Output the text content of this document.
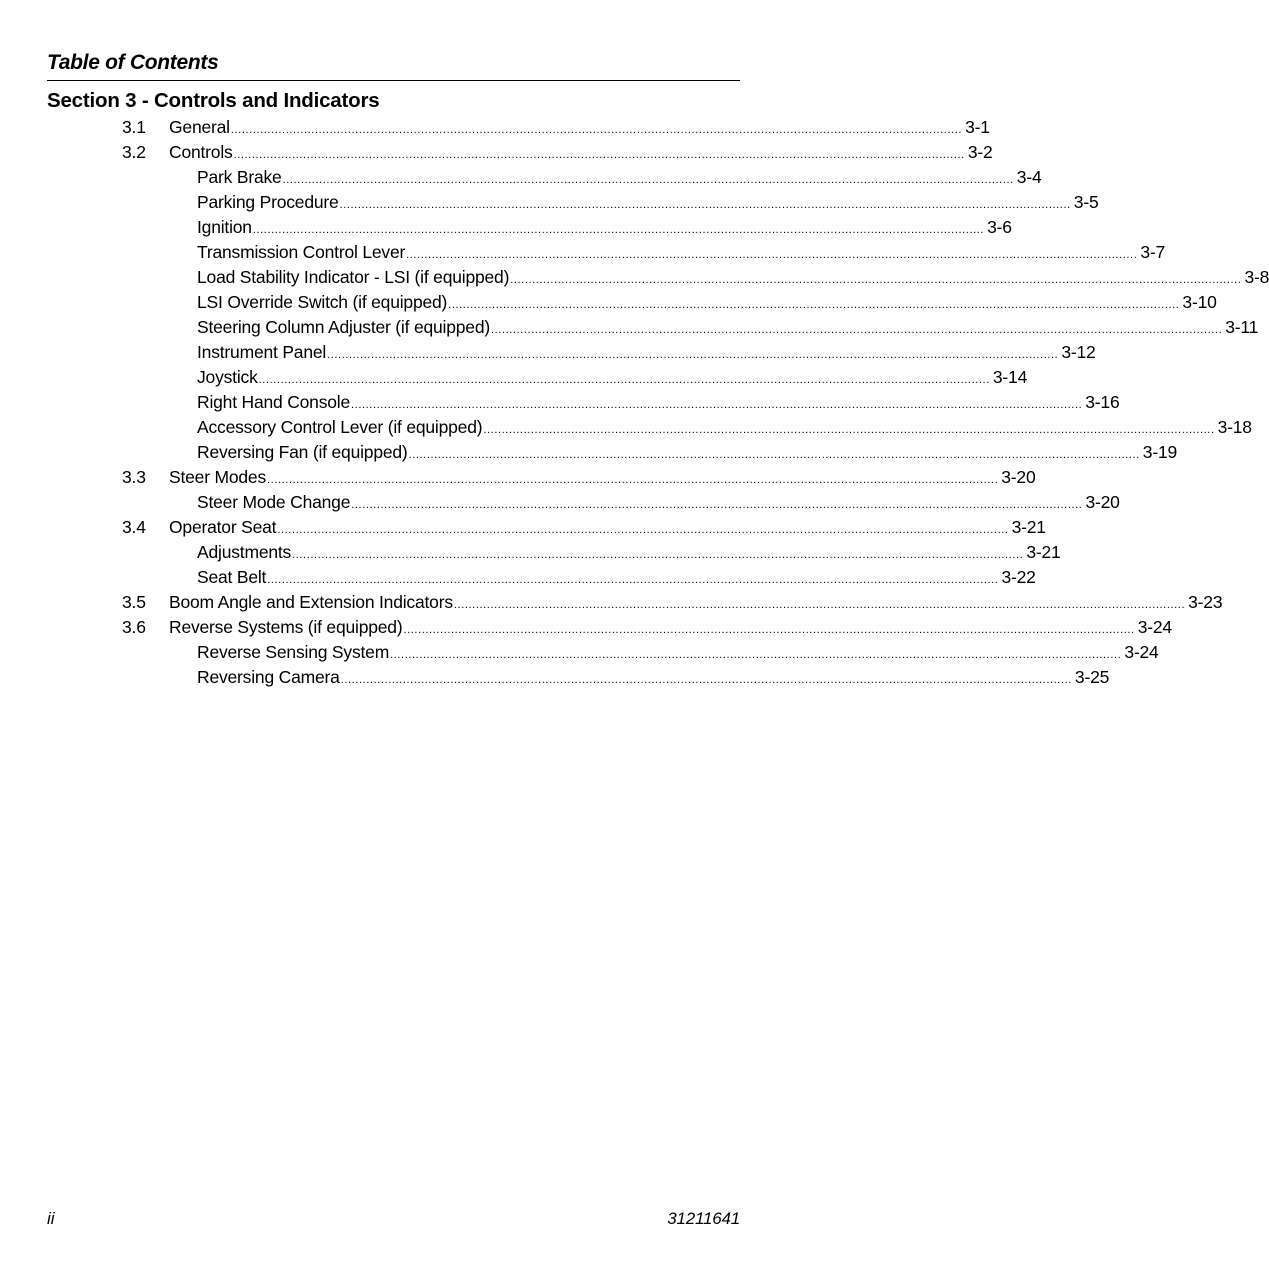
Table of Contents
Section 3 - Controls and Indicators
3.1 General ........................................................................................................................................................................................................ 3-1
3.2 Controls ........................................................................................................................................................................................................ 3-2
Park Brake ........................................................................................................................................................................................................ 3-4
Parking Procedure ........................................................................................................................................................................................................ 3-5
Ignition ........................................................................................................................................................................................................ 3-6
Transmission Control Lever ........................................................................................................................................................................................................ 3-7
Load Stability Indicator - LSI (if equipped) ........................................................................................................................................................................................................ 3-8
LSI Override Switch (if equipped) ........................................................................................................................................................................................................ 3-10
Steering Column Adjuster (if equipped) ........................................................................................................................................................................................................ 3-11
Instrument Panel ........................................................................................................................................................................................................ 3-12
Joystick ........................................................................................................................................................................................................ 3-14
Right Hand Console ........................................................................................................................................................................................................ 3-16
Accessory Control Lever (if equipped) ........................................................................................................................................................................................................ 3-18
Reversing Fan (if equipped) ........................................................................................................................................................................................................ 3-19
3.3 Steer Modes ........................................................................................................................................................................................................ 3-20
Steer Mode Change ........................................................................................................................................................................................................ 3-20
3.4 Operator Seat ........................................................................................................................................................................................................ 3-21
Adjustments ........................................................................................................................................................................................................ 3-21
Seat Belt ........................................................................................................................................................................................................ 3-22
3.5 Boom Angle and Extension Indicators ........................................................................................................................................................................................................ 3-23
3.6 Reverse Systems (if equipped) ........................................................................................................................................................................................................ 3-24
Reverse Sensing System ........................................................................................................................................................................................................ 3-24
Reversing Camera ........................................................................................................................................................................................................ 3-25
ii	31211641
